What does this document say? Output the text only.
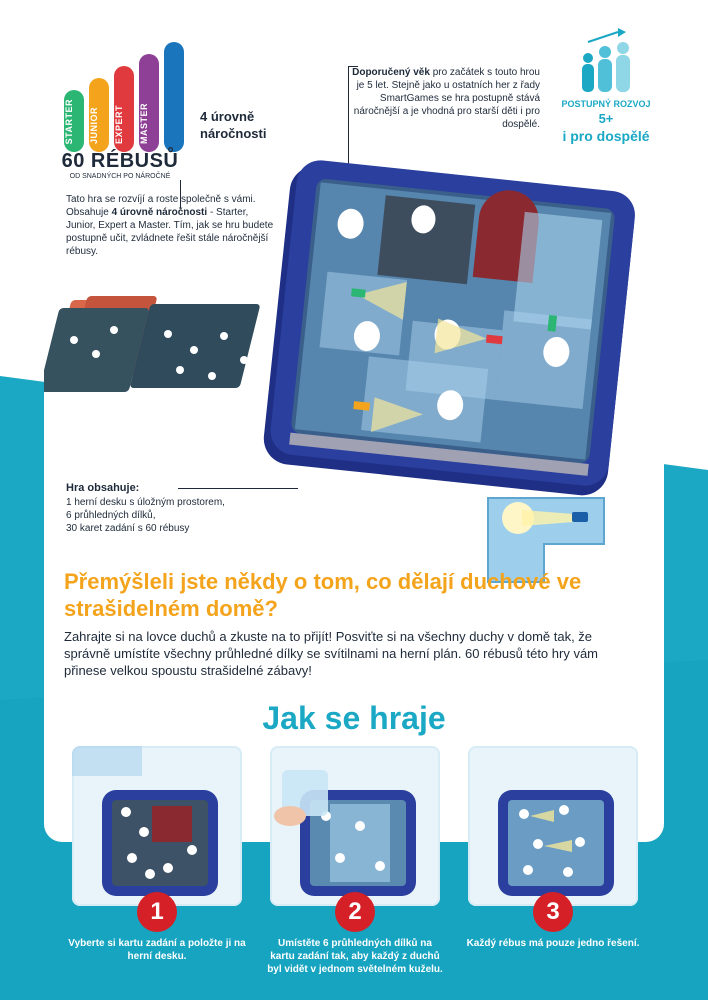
STARTER	JUNIOR	EXPERT	MASTER	4 úrovně náročnosti
60 RÉBUSŮ
OD SNADNÝCH PO NÁROČNÉ
Tato hra se rozvíjí a roste společně s vámi. Obsahuje 4 úrovně náročnosti - Starter, Junior, Expert a Master. Tím, jak se hru budete postupně učit, zvládnete řešit stále náročnější rébusy.
Doporučený věk pro začátek s touto hrou je 5 let. Stejně jako u ostatních her z řady SmartGames se hra postupně stává náročnější a je vhodná pro starší děti i pro dospělé.
POSTUPNÝ ROZVOJ
5+
i pro dospělé
Hra obsahuje:
1 herní desku s úložným prostorem,
6 průhledných dílků,
30 karet zadání s 60 rébusy
Přemýšleli jste někdy o tom, co dělají duchové ve strašidelném domě?
Zahrajte si na lovce duchů a zkuste na to přijít! Posviťte si na všechny duchy v domě tak, že správně umístíte všechny průhledné dílky se svítilnami na herní plán. 60 rébusů této hry vám přinese velkou spoustu strašidelné zábavy!
Jak se hraje
1	2	3
Vyberte si kartu zadání a položte ji na herní desku.
Umístěte 6 průhledných dílků na kartu zadání tak, aby každý z duchů byl vidět v jednom světelném kuželu.
Každý rébus má pouze jedno řešení.
